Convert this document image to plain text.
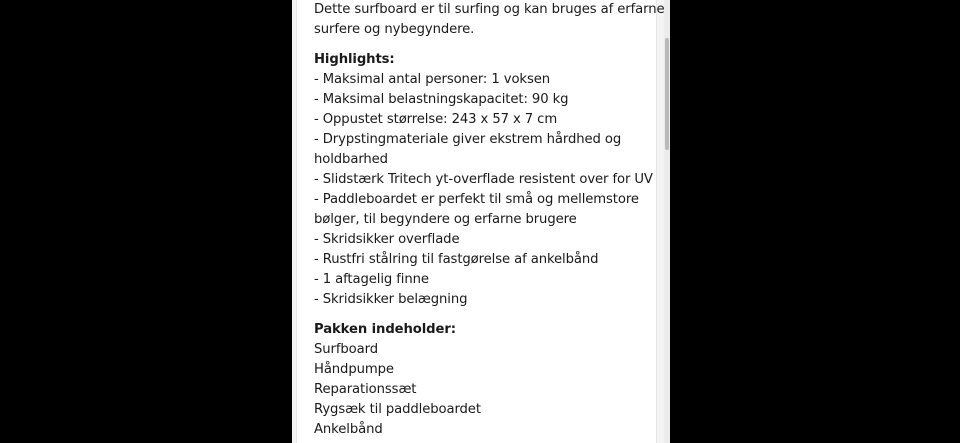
Dette surfboard er til surfing og kan bruges af erfarne

surfere og nybegyndere.

Highlights:

- Maksimal antal personer: 1 voksen

- Maksimal belastningskapacitet: 90 kg

- Oppustet størrelse: 243 x 57 x 7 cm

- Drypstingmateriale giver ekstrem hårdhed og

holdbarhed

- Slidstærk Tritech yt-overflade resistent over for UV

- Paddleboardet er perfekt til små og mellemstore

bølger, til begyndere og erfarne brugere

- Skridsikker overflade

- Rustfri stålring til fastgørelse af ankelbånd

- 1 aftagelig finne

- Skridsikker belægning

Pakken indeholder:

Surfboard

Håndpumpe

Reparationssæt

Rygsæk til paddleboardet

Ankelbånd
